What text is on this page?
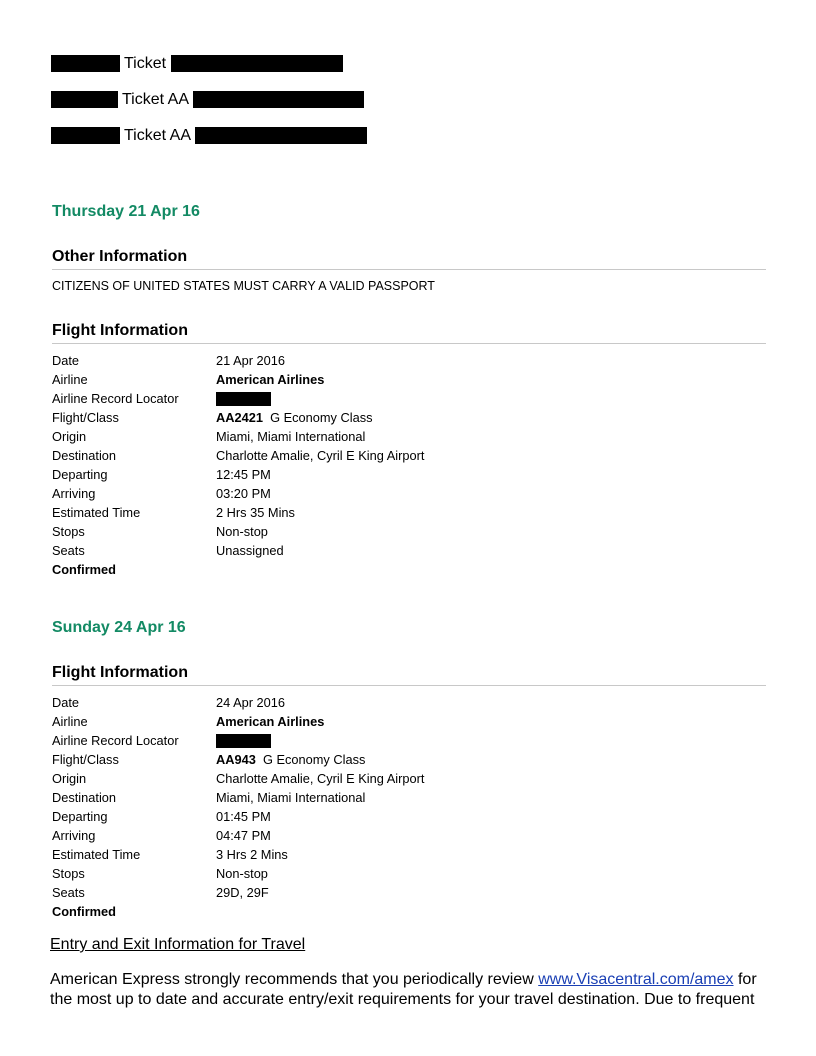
Ticket
Ticket AA
Ticket AA
Thursday 21 Apr 16
Other Information
CITIZENS OF UNITED STATES MUST CARRY A VALID PASSPORT
Flight Information
Date	21 Apr 2016
Airline	American Airlines
Airline Record Locator
Flight/Class	AA2421 G Economy Class
Origin	Miami, Miami International
Destination	Charlotte Amalie, Cyril E King Airport
Departing	12:45 PM
Arriving	03:20 PM
Estimated Time	2 Hrs 35 Mins
Stops	Non-stop
Seats	Unassigned
Confirmed
Sunday 24 Apr 16
Flight Information
Date	24 Apr 2016
Airline	American Airlines
Airline Record Locator
Flight/Class	AA943 G Economy Class
Origin	Charlotte Amalie, Cyril E King Airport
Destination	Miami, Miami International
Departing	01:45 PM
Arriving	04:47 PM
Estimated Time	3 Hrs 2 Mins
Stops	Non-stop
Seats	29D, 29F
Confirmed
Entry and Exit Information for Travel
American Express strongly recommends that you periodically review www.Visacentral.com/amex for the most up to date and accurate entry/exit requirements for your travel destination. Due to frequent
